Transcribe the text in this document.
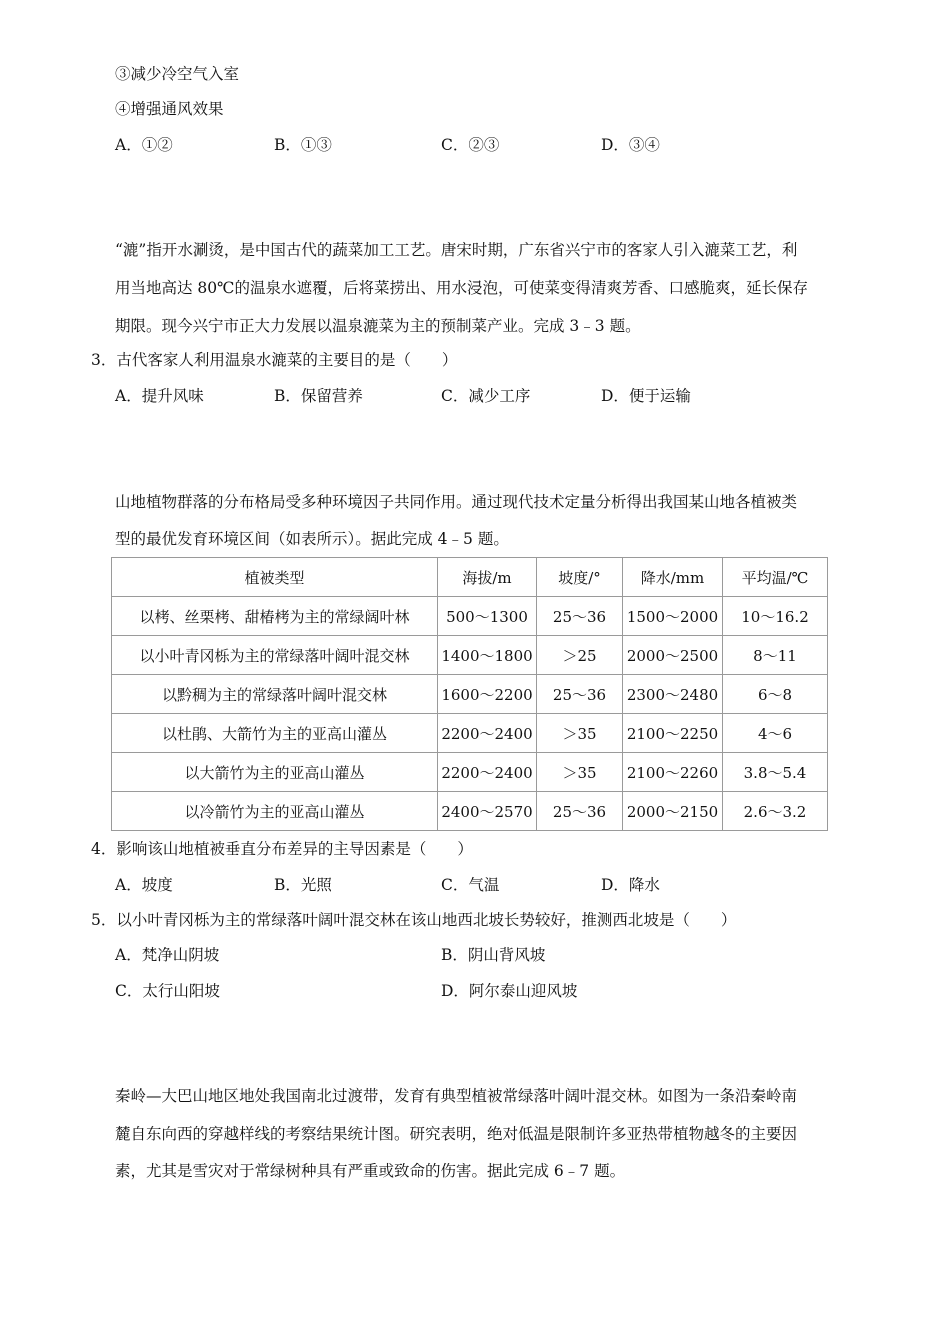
③减少冷空气入室
④增强通风效果
A．①②	B．①③	C．②③	D．③④
“漉”指开水涮烫，是中国古代的蔬菜加工工艺。唐宋时期，广东省兴宁市的客家人引入漉菜工艺，利
用当地高达 80℃的温泉水遮覆，后将菜捞出、用水浸泡，可使菜变得清爽芳香、口感脆爽，延长保存
期限。现今兴宁市正大力发展以温泉漉菜为主的预制菜产业。完成 3﹣3 题。
3．古代客家人利用温泉水漉菜的主要目的是（　　）
A．提升风味	B．保留营养	C．减少工序	D．便于运输
山地植物群落的分布格局受多种环境因子共同作用。通过现代技术定量分析得出我国某山地各植被类
型的最优发育环境区间（如表所示）。据此完成 4﹣5 题。
植被类型	海拔/m	坡度/°	降水/mm	平均温/℃
以栲、丝栗栲、甜椿栲为主的常绿阔叶林	500～1300	25～36	1500～2000	10～16.2
以小叶青冈栎为主的常绿落叶阔叶混交林	1400～1800	＞25	2000～2500	8～11
以黔稠为主的常绿落叶阔叶混交林	1600～2200	25～36	2300～2480	6～8
以杜鹃、大箭竹为主的亚高山灌丛	2200～2400	＞35	2100～2250	4～6
以大箭竹为主的亚高山灌丛	2200～2400	＞35	2100～2260	3.8～5.4
以冷箭竹为主的亚高山灌丛	2400～2570	25～36	2000～2150	2.6～3.2
4．影响该山地植被垂直分布差异的主导因素是（　　）
A．坡度	B．光照	C．气温	D．降水
5．以小叶青冈栎为主的常绿落叶阔叶混交林在该山地西北坡长势较好，推测西北坡是（　　）
A．梵净山阴坡	B．阴山背风坡
C．太行山阳坡	D．阿尔泰山迎风坡
秦岭—大巴山地区地处我国南北过渡带，发育有典型植被常绿落叶阔叶混交林。如图为一条沿秦岭南
麓自东向西的穿越样线的考察结果统计图。研究表明，绝对低温是限制许多亚热带植物越冬的主要因
素，尤其是雪灾对于常绿树种具有严重或致命的伤害。据此完成 6﹣7 题。
